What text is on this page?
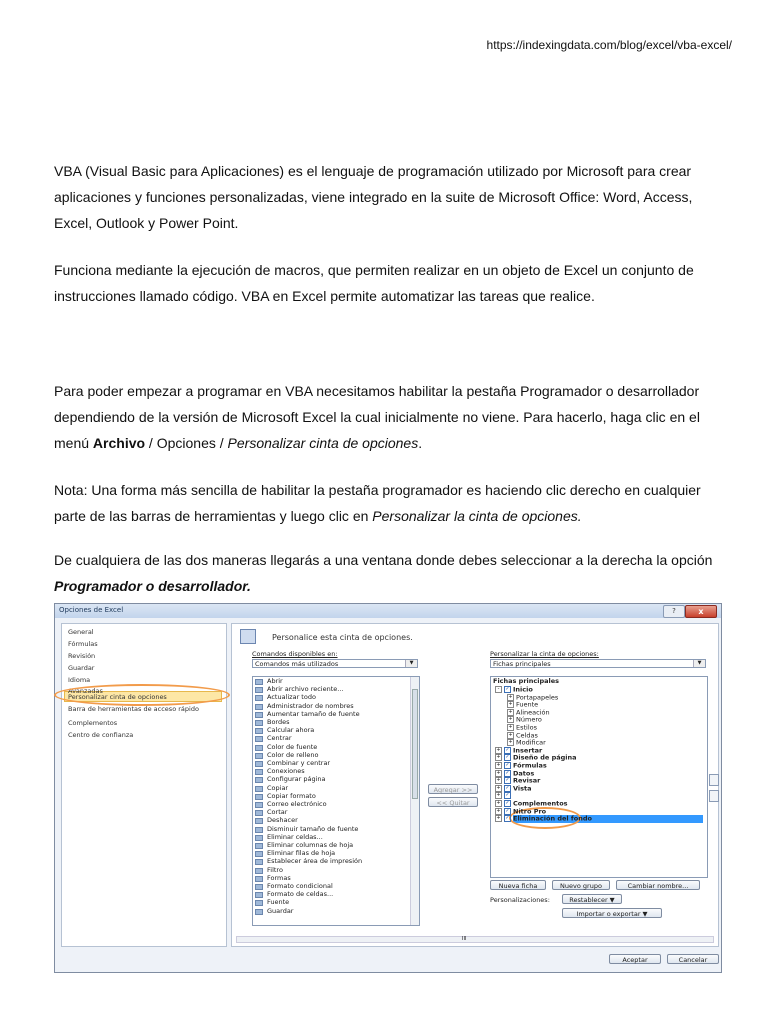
https://indexingdata.com/blog/excel/vba-excel/

VBA (Visual Basic para Aplicaciones) es el lenguaje de programación utilizado por Microsoft para crear aplicaciones y funciones personalizadas, viene integrado en la suite de Microsoft Office: Word, Access, Excel, Outlook y Power Point.

Funciona mediante la ejecución de macros, que permiten realizar en un objeto de Excel un conjunto de instrucciones llamado código. VBA en Excel permite automatizar las tareas que realice.

Para poder empezar a programar en VBA necesitamos habilitar la pestaña Programador o desarrollador dependiendo de la versión de Microsoft Excel la cual inicialmente no viene. Para hacerlo, haga clic en el menú Archivo / Opciones / Personalizar cinta de opciones.

Nota: Una forma más sencilla de habilitar la pestaña programador es haciendo clic derecho en cualquier parte de las barras de herramientas y luego clic en Personalizar la cinta de opciones.

De cualquiera de las dos maneras llegarás a una ventana donde debes seleccionar a la derecha la opción Programador o desarrollador.

Opciones de Excel	?	x
General
Fórmulas
Revisión
Guardar
Idioma
Avanzadas
Personalizar cinta de opciones
Barra de herramientas de acceso rápido
Complementos
Centro de confianza
Personalice esta cinta de opciones.
Comandos disponibles en:
Comandos más utilizados	▼
Personalizar la cinta de opciones:
Fichas principales	▼
Abrir
Abrir archivo reciente...
Actualizar todo
Administrador de nombres
Aumentar tamaño de fuente
Bordes
Calcular ahora
Centrar
Color de fuente
Color de relleno
Combinar y centrar
Conexiones
Configurar página
Copiar
Copiar formato
Correo electrónico
Cortar
Deshacer
Disminuir tamaño de fuente
Eliminar celdas...
Eliminar columnas de hoja
Eliminar filas de hoja
Establecer área de impresión
Filtro
Formas
Formato condicional
Formato de celdas...
Fuente
Guardar
Agregar >>
<< Quitar
Fichas principales
- ✓ Inicio
+ Portapapeles
+ Fuente
+ Alineación
+ Número
+ Estilos
+ Celdas
+ Modificar
+ ✓ Insertar
+ ✓ Diseño de página
+ ✓ Fórmulas
+ ✓ Datos
+ ✓ Revisar
+ ✓ Vista
+ ✓ Programador
+ ✓ Complementos
+ ✓ Nitro Pro
+ ✓ Eliminación del fondo
Nueva ficha	Nuevo grupo	Cambiar nombre...
Personalizaciones:	Restablecer ▼
Importar o exportar ▼
III
Aceptar	Cancelar
